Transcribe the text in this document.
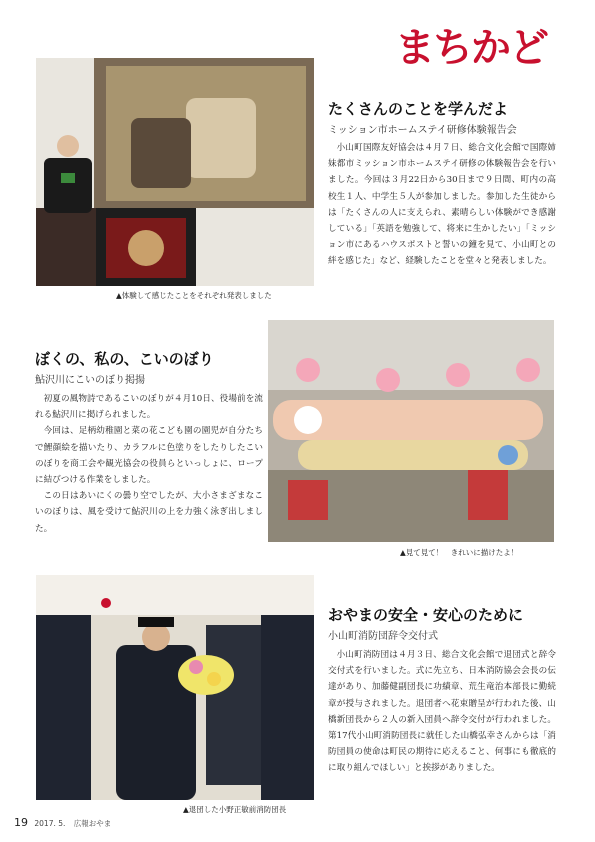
まちかど
▲体験して感じたことをそれぞれ発表しました
たくさんのことを学んだよ
ミッション市ホームステイ研修体験報告会

小山町国際友好協会は４月７日、総合文化会館で国際姉妹都市ミッション市ホームステイ研修の体験報告会を行いました。今回は３月22日から30日まで９日間、町内の高校生１人、中学生５人が参加しました。参加した生徒からは「たくさんの人に支えられ、素晴らしい体験ができ感謝している」「英語を勉強して、将来に生かしたい」「ミッション市にあるハウスポストと誓いの鐘を見て、小山町との絆を感じた」など、経験したことを堂々と発表しました。

▲見て見て！　きれいに描けたよ！
ぼくの、私の、こいのぼり
鮎沢川にこいのぼり掲揚

初夏の風物詩であるこいのぼりが４月10日、役場前を流れる鮎沢川に掲げられました。

今回は、足柄幼稚園と菜の花こども園の園児が自分たちで鯉顔絵を描いたり、カラフルに色塗りをしたりしたこいのぼりを商工会や観光協会の役員らといっしょに、ロープに結びつける作業をしました。

この日はあいにくの曇り空でしたが、大小さまざまなこいのぼりは、風を受けて鮎沢川の上を力強く泳ぎ出しました。

▲退団した小野正敏前消防団長
おやまの安全・安心のために
小山町消防団辞令交付式

小山町消防団は４月３日、総合文化会館で退団式と辞令交付式を行いました。式に先立ち、日本消防協会会長の伝達があり、加藤健副団長に功績章、荒生竜治本部長に勤続章が授与されました。退団者へ花束贈呈が行われた後、山橋新団長から２人の新入団員へ辞令交付が行われました。第17代小山町消防団長に就任した山橋弘幸さんからは「消防団員の使命は町民の期待に応えること、何事にも徹底的に取り組んでほしい」と挨拶がありました。

19 2017. 5. 広報おやま
